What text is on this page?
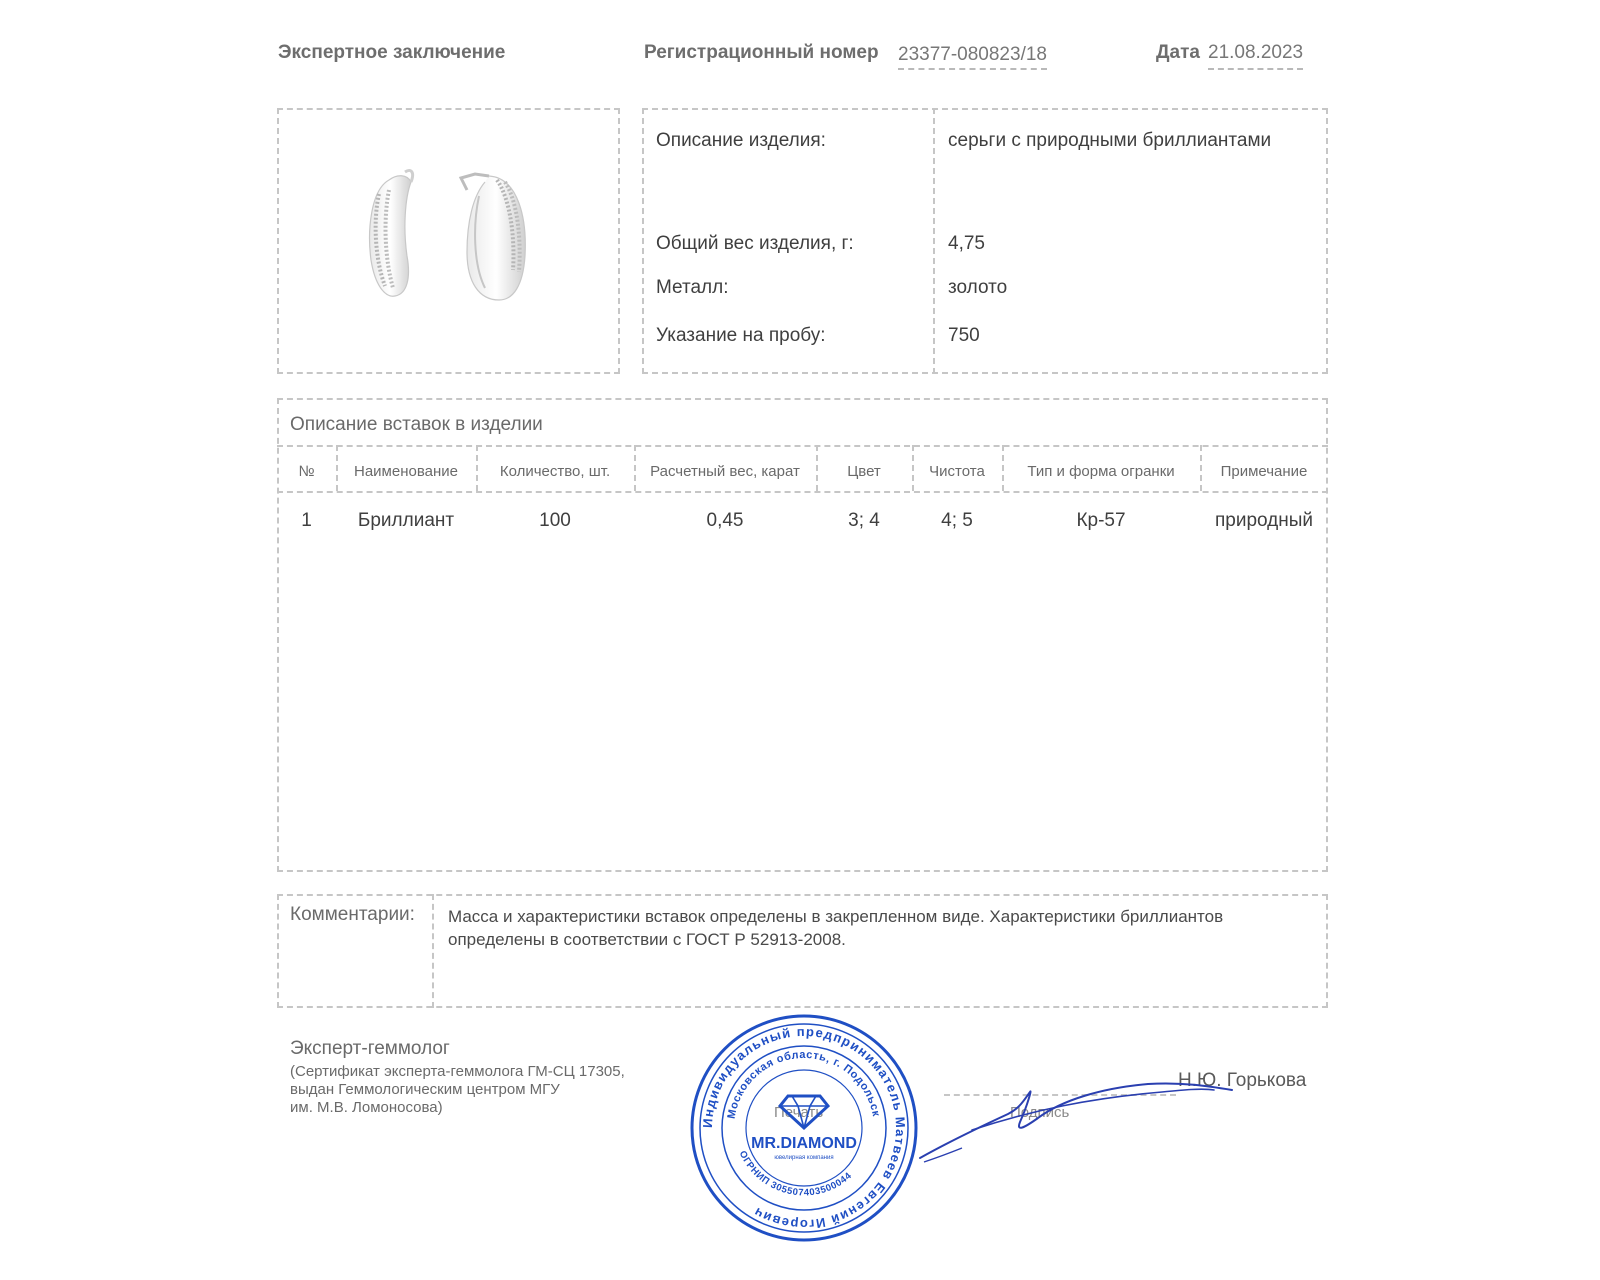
Экспертное заключение	Регистрационный номер 23377-080823/18	Дата 21.08.2023
Описание изделия:	серьги с природными бриллиантами
Общий вес изделия, г:	4,75
Металл:	золото
Указание на пробу:	750
Описание вставок в изделии
№	Наименование	Количество, шт.	Расчетный вес, карат	Цвет	Чистота	Тип и форма огранки	Примечание
1	Бриллиант	100	0,45	3; 4	4; 5	Кр-57	природный
Комментарии: Масса и характеристики вставок определены в закрепленном виде. Характеристики бриллиантов определены в соответствии с ГОСТ Р 52913-2008.
Эксперт-геммолог
(Сертификат эксперта-геммолога ГМ-СЦ 17305,
выдан Геммологическим центром МГУ
им. М.В. Ломоносова)	Печать	Подпись
Н.Ю. Горькова
Индивидуальный предприниматель Матвеев Евгений Игоревич
Московская область, г. Подольск
ОГРНИП 305507403500044
MR.DIAMOND
ювелирная компания
